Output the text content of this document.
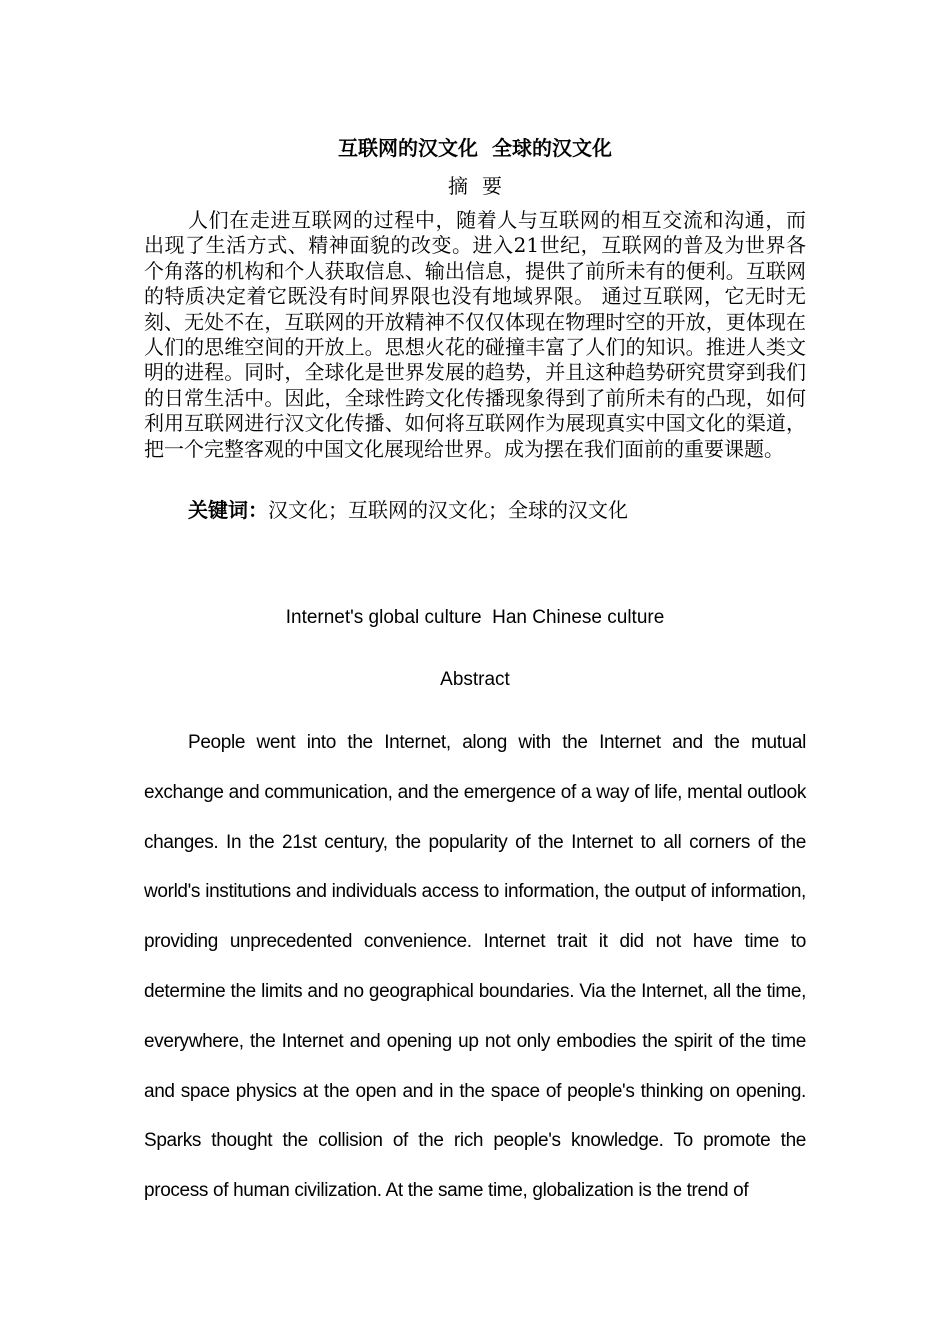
互联网的汉文化  全球的汉文化
摘要

人们在走进互联网的过程中，随着人与互联网的相互交流和沟通，而出现了生活方式、精神面貌的改变。进入21世纪，互联网的普及为世界各个角落的机构和个人获取信息、输出信息，提供了前所未有的便利。互联网的特质决定着它既没有时间界限也没有地域界限。 通过互联网，它无时无刻、无处不在，互联网的开放精神不仅仅体现在物理时空的开放，更体现在人们的思维空间的开放上。思想火花的碰撞丰富了人们的知识。推进人类文明的进程。同时，全球化是世界发展的趋势，并且这种趋势研究贯穿到我们的日常生活中。因此，全球性跨文化传播现象得到了前所未有的凸现，如何利用互联网进行汉文化传播、如何将互联网作为展现真实中国文化的渠道，把一个完整客观的中国文化展现给世界。成为摆在我们面前的重要课题。

关键词：汉文化；互联网的汉文化；全球的汉文化
Internet's global culture  Han Chinese culture
Abstract

People went into the Internet, along with the Internet and the mutual exchange and communication, and the emergence of a way of life, mental outlook changes. In the 21st century, the popularity of the Internet to all corners of the world's institutions and individuals access to information, the output of information, providing unprecedented convenience. Internet trait it did not have time to determine the limits and no geographical boundaries. Via the Internet, all the time, everywhere, the Internet and opening up not only embodies the spirit of the time and space physics at the open and in the space of people's thinking on opening. Sparks thought the collision of the rich people's knowledge. To promote the process of human civilization. At the same time, globalization is the trend of
